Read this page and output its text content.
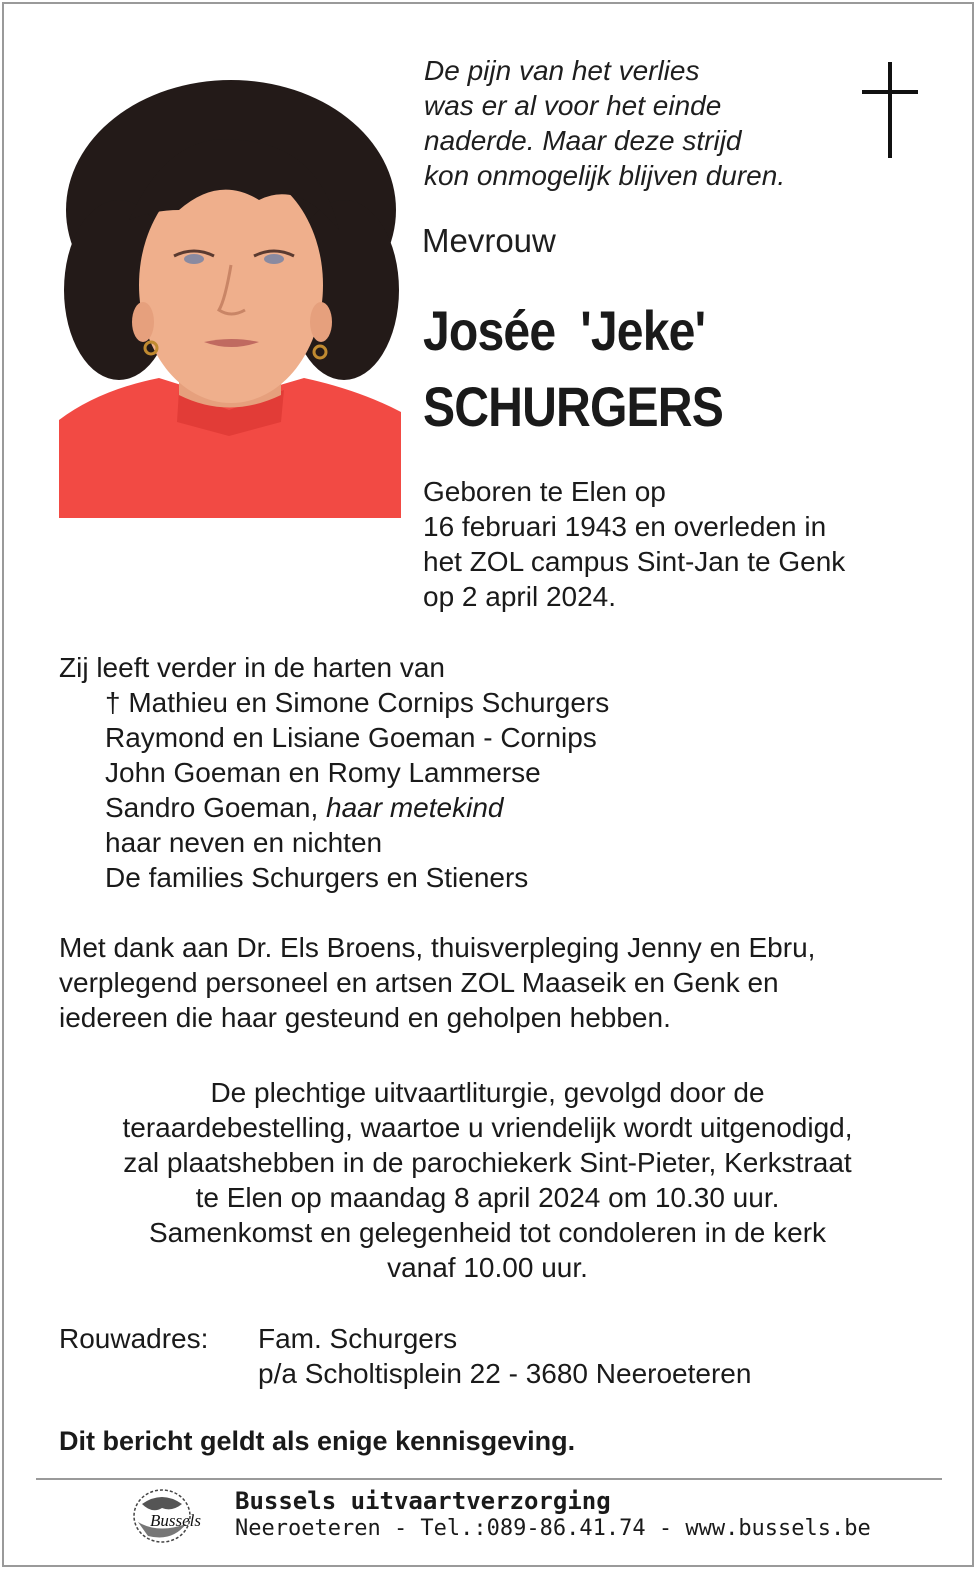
De pijn van het verlies
was er al voor het einde
naderde. Maar deze strijd
kon onmogelijk blijven duren.
Mevrouw
Josée  'Jeke'
SCHURGERS
Geboren te Elen op
16 februari 1943 en overleden in
het ZOL campus Sint-Jan te Genk
op 2 april 2024.
Zij leeft verder in de harten van
† Mathieu en Simone Cornips Schurgers
Raymond en Lisiane Goeman - Cornips
John Goeman en Romy Lammerse
Sandro Goeman, haar metekind
haar neven en nichten
De families Schurgers en Stieners
Met dank aan Dr. Els Broens, thuisverpleging Jenny en Ebru,
verplegend personeel en artsen ZOL Maaseik en Genk en
iedereen die haar gesteund en geholpen hebben.
De plechtige uitvaartliturgie, gevolgd door de
teraardebestelling, waartoe u vriendelijk wordt uitgenodigd,
zal plaatshebben in de parochiekerk Sint-Pieter, Kerkstraat
te Elen op maandag 8 april 2024 om 10.30 uur.
Samenkomst en gelegenheid tot condoleren in de kerk
vanaf 10.00 uur.
Rouwadres: Fam. Schurgers
p/a Scholtisplein 22 - 3680 Neeroeteren
Dit bericht geldt als enige kennisgeving.
Bussels
Bussels uitvaartverzorging
Neeroeteren - Tel.:089-86.41.74 - www.bussels.be
